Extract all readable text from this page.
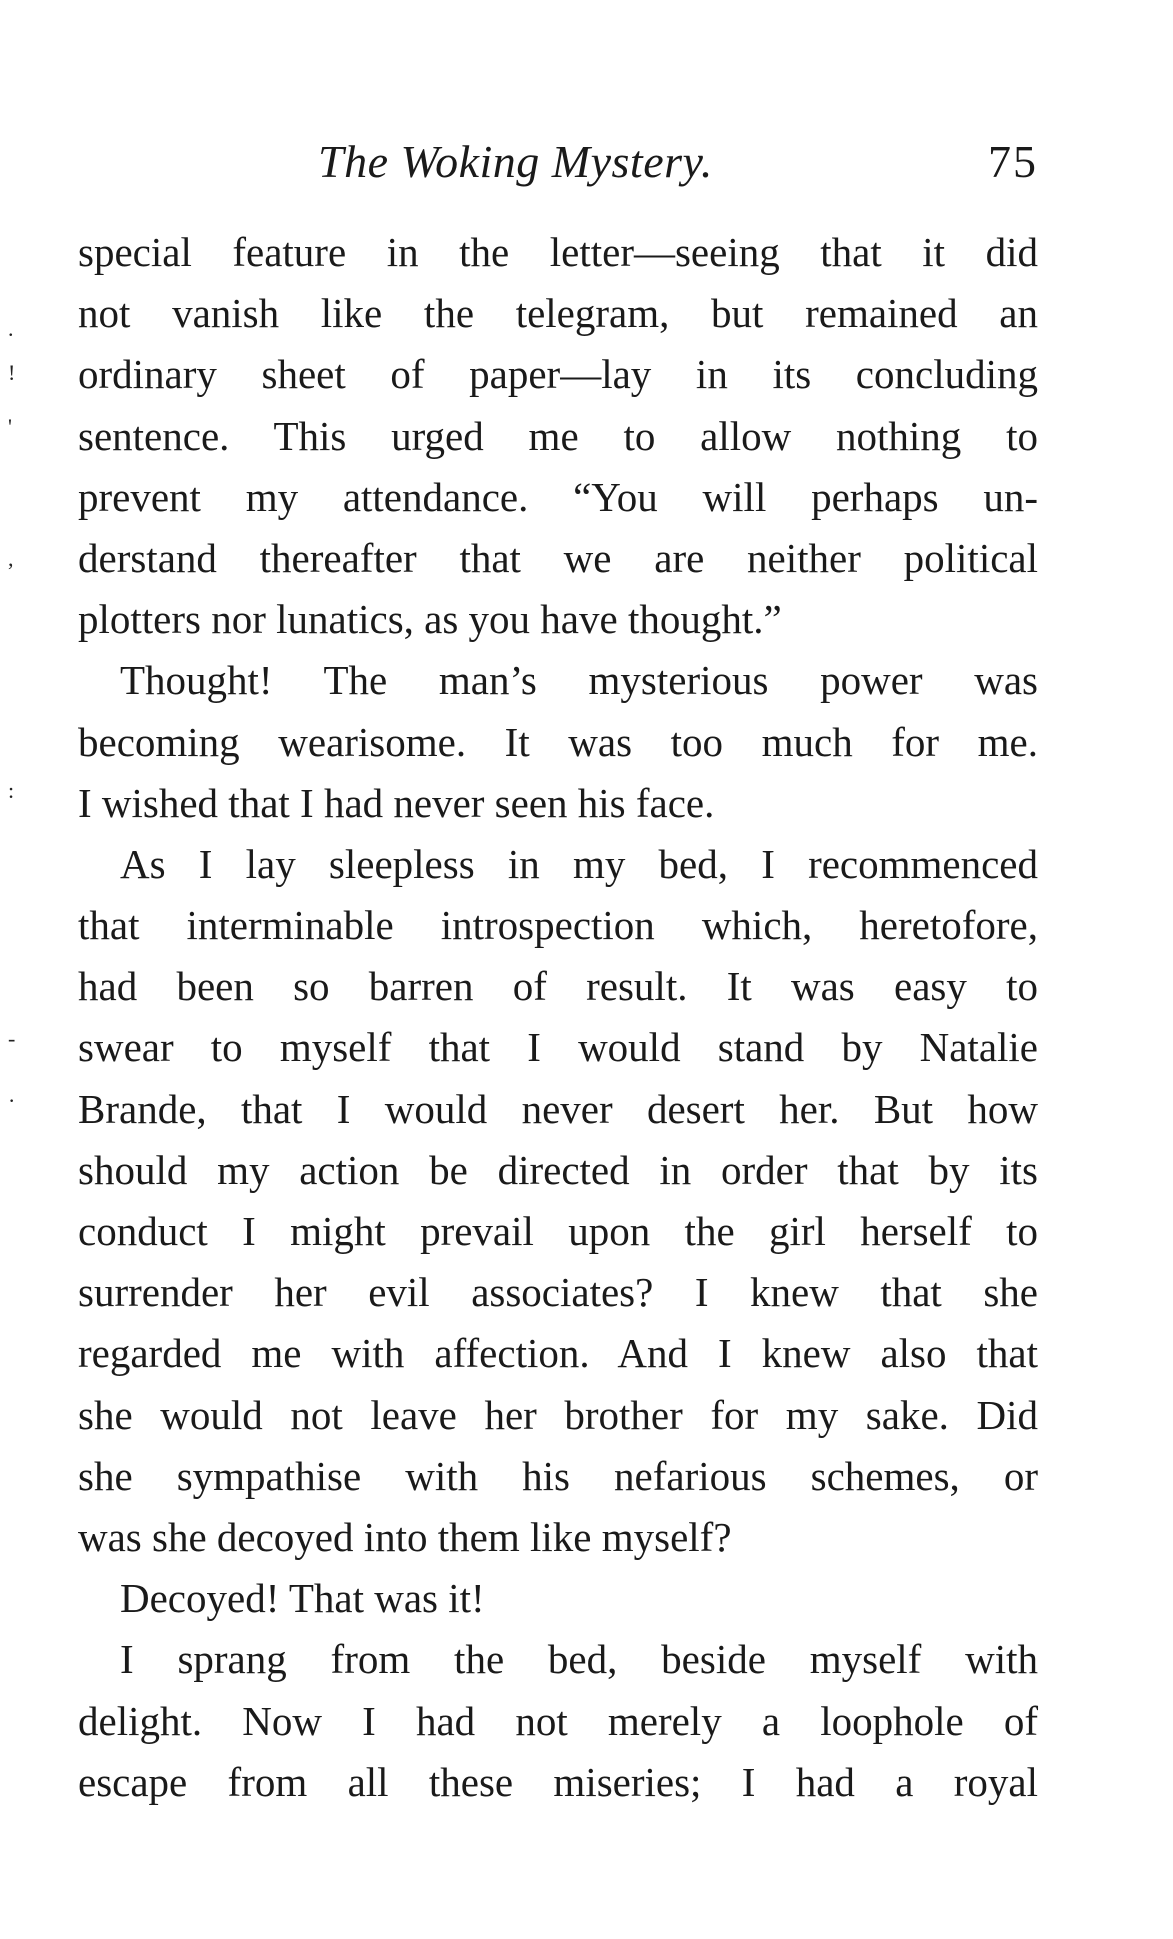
The Woking Mystery.	75
.
!
'
,
:
-
·
special feature in the letter—seeing that it did
not vanish like the telegram, but remained an
ordinary sheet of paper—lay in its concluding
sentence. This urged me to allow nothing to
prevent my attendance. “You will perhaps un-
derstand thereafter that we are neither political
plotters nor lunatics, as you have thought.”
Thought! The man’s mysterious power was
becoming wearisome. It was too much for me.
I wished that I had never seen his face.
As I lay sleepless in my bed, I recommenced
that interminable introspection which, heretofore,
had been so barren of result. It was easy to
swear to myself that I would stand by Natalie
Brande, that I would never desert her. But how
should my action be directed in order that by its
conduct I might prevail upon the girl herself to
surrender her evil associates? I knew that she
regarded me with affection. And I knew also that
she would not leave her brother for my sake. Did
she sympathise with his nefarious schemes, or
was she decoyed into them like myself?
Decoyed! That was it!
I sprang from the bed, beside myself with
delight. Now I had not merely a loophole of
escape from all these miseries; I had a royal
